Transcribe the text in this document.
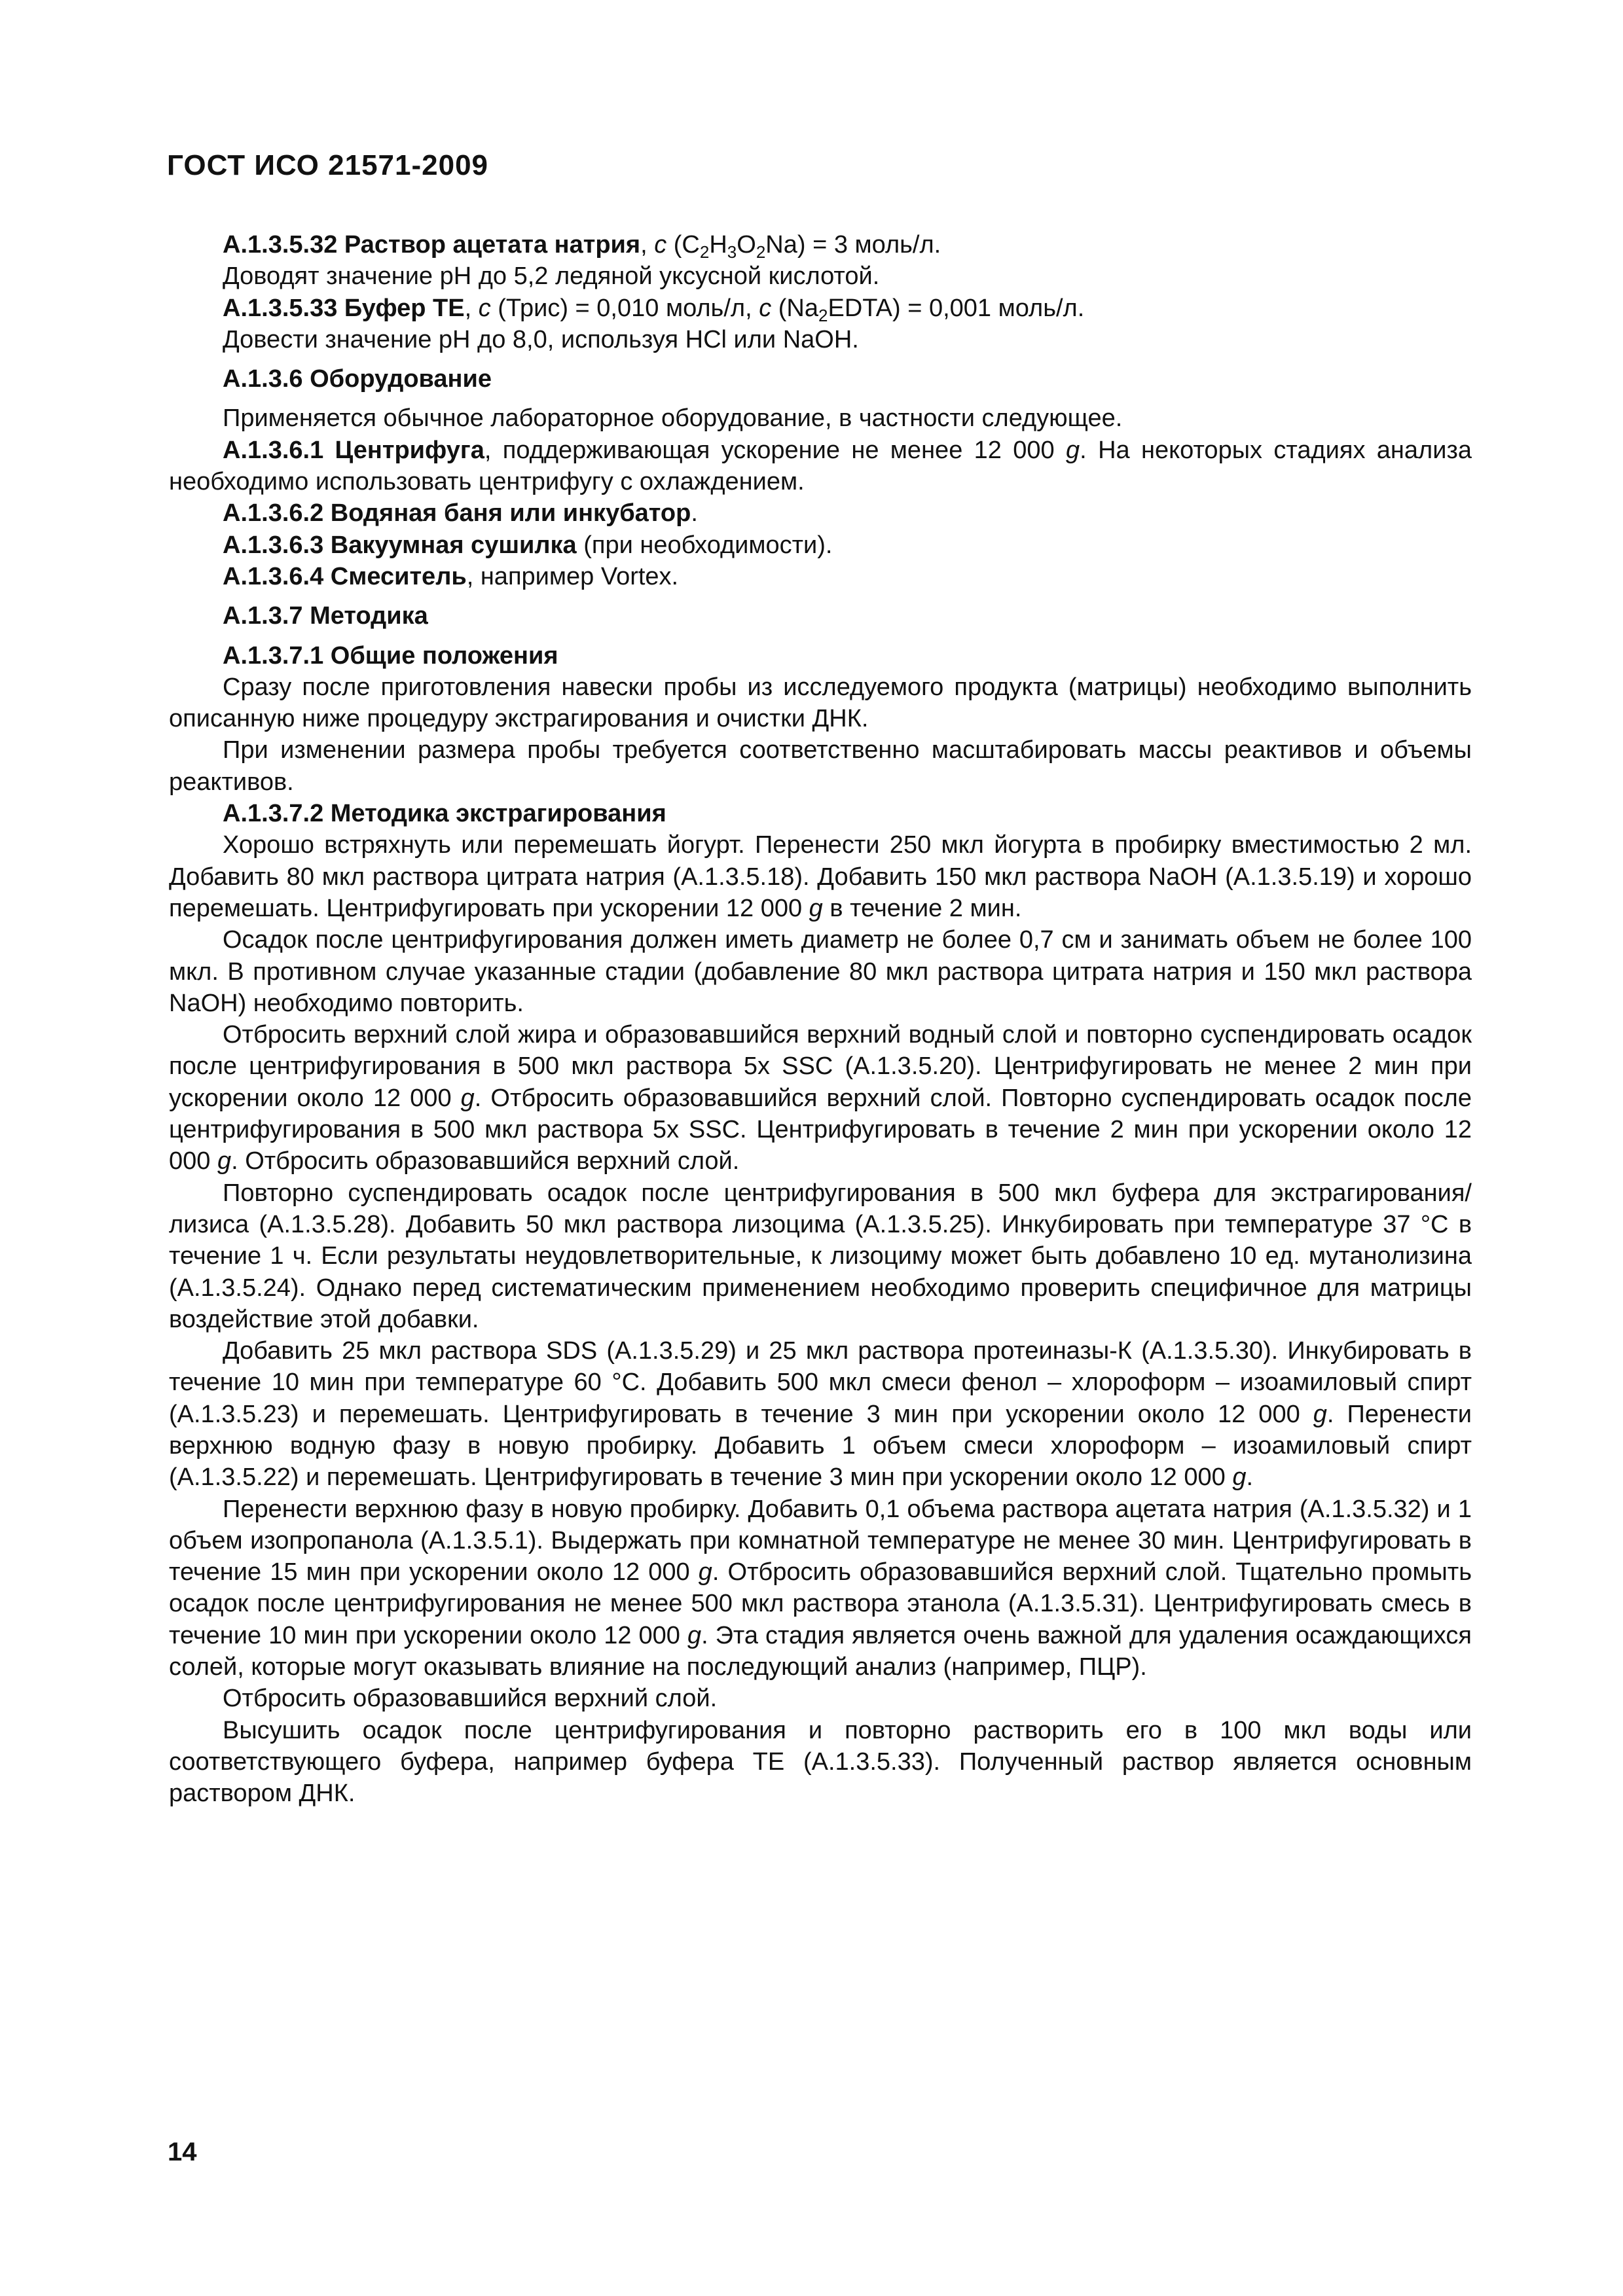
ГОСТ ИСО 21571-2009

А.1.3.5.32 Раствор ацетата натрия, c $(C_2H_3O_2Na) = 3$ моль/л.

Доводят значение рН до 5,2 ледяной уксусной кислотой.

А.1.3.5.33 Буфер ТЕ, c (Трис) = 0,010 моль/л, c $(Na_2EDTA) = 0,001$ моль/л.

Довести значение рН до 8,0, используя HCl или NaOH.

А.1.3.6 Оборудование

Применяется обычное лабораторное оборудование, в частности следующее.

А.1.3.6.1 Центрифуга, поддерживающая ускорение не менее 12 000 g. На некоторых стадиях анализа необходимо использовать центрифугу с охлаждением.

А.1.3.6.2 Водяная баня или инкубатор.

А.1.3.6.3 Вакуумная сушилка (при необходимости).

А.1.3.6.4 Смеситель, например Vortex.

А.1.3.7 Методика

А.1.3.7.1 Общие положения

Сразу после приготовления навески пробы из исследуемого продукта (матрицы) необходимо выполнить описанную ниже процедуру экстрагирования и очистки ДНК.

При изменении размера пробы требуется соответственно масштабировать массы реактивов и объемы реактивов.

А.1.3.7.2 Методика экстрагирования

Хорошо встряхнуть или перемешать йогурт. Перенести 250 мкл йогурта в пробирку вместимостью 2 мл. Добавить 80 мкл раствора цитрата натрия (А.1.3.5.18). Добавить 150 мкл раствора NaOH (А.1.3.5.19) и хорошо перемешать. Центрифугировать при ускорении 12 000 g в течение 2 мин.

Осадок после центрифугирования должен иметь диаметр не более 0,7 см и занимать объем не более 100 мкл. В противном случае указанные стадии (добавление 80 мкл раствора цитрата натрия и 150 мкл раствора NaOH) необходимо повторить.

Отбросить верхний слой жира и образовавшийся верхний водный слой и повторно суспендировать осадок после центрифугирования в 500 мкл раствора 5x SSC (А.1.3.5.20). Центрифугировать не менее 2 мин при ускорении около 12 000 g. Отбросить образовавшийся верхний слой. Повторно суспендировать осадок после центрифугирования в 500 мкл раствора 5x SSC. Центрифугировать в течение 2 мин при ускорении около 12 000 g. Отбросить образовавшийся верхний слой.

Повторно суспендировать осадок после центрифугирования в 500 мкл буфера для экстрагирования/лизиса (А.1.3.5.28). Добавить 50 мкл раствора лизоцима (А.1.3.5.25). Инкубировать при температуре 37 °С в течение 1 ч. Если результаты неудовлетворительные, к лизоциму может быть добавлено 10 ед. мутанолизина (А.1.3.5.24). Однако перед систематическим применением необходимо проверить специфичное для матрицы воздействие этой добавки.

Добавить 25 мкл раствора SDS (А.1.3.5.29) и 25 мкл раствора протеиназы-К (А.1.3.5.30). Инкубировать в течение 10 мин при температуре 60 °С. Добавить 500 мкл смеси фенол – хлороформ – изоамиловый спирт (А.1.3.5.23) и перемешать. Центрифугировать в течение 3 мин при ускорении около 12 000 g. Перенести верхнюю водную фазу в новую пробирку. Добавить 1 объем смеси хлороформ – изоамиловый спирт (А.1.3.5.22) и перемешать. Центрифугировать в течение 3 мин при ускорении около 12 000 g.

Перенести верхнюю фазу в новую пробирку. Добавить 0,1 объема раствора ацетата натрия (А.1.3.5.32) и 1 объем изопропанола (А.1.3.5.1). Выдержать при комнатной температуре не менее 30 мин. Центрифугировать в течение 15 мин при ускорении около 12 000 g. Отбросить образовавшийся верхний слой. Тщательно промыть осадок после центрифугирования не менее 500 мкл раствора этанола (А.1.3.5.31). Центрифугировать смесь в течение 10 мин при ускорении около 12 000 g. Эта стадия является очень важной для удаления осаждающихся солей, которые могут оказывать влияние на последующий анализ (например, ПЦР).

Отбросить образовавшийся верхний слой.

Высушить осадок после центрифугирования и повторно растворить его в 100 мкл воды или соответствующего буфера, например буфера ТЕ (А.1.3.5.33). Полученный раствор является основным раствором ДНК.

14
